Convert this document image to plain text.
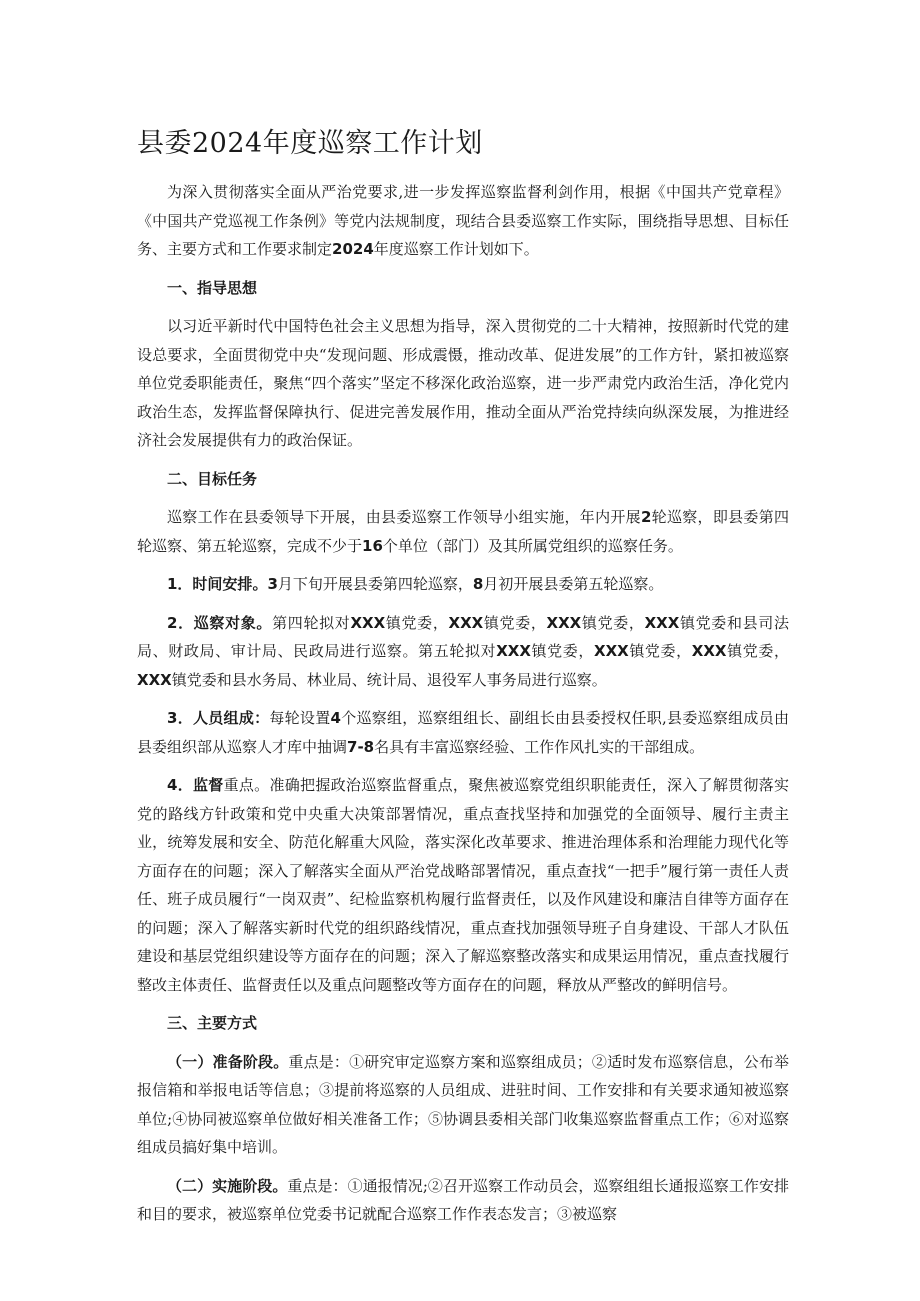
县委2024年度巡察工作计划

为深入贯彻落实全面从严治党要求,进一步发挥巡察监督利剑作用，根据《中国共产党章程》《中国共产党巡视工作条例》等党内法规制度，现结合县委巡察工作实际，围绕指导思想、目标任务、主要方式和工作要求制定2024年度巡察工作计划如下。

一、指导思想

以习近平新时代中国特色社会主义思想为指导，深入贯彻党的二十大精神，按照新时代党的建设总要求，全面贯彻党中央“发现问题、形成震慑，推动改革、促进发展”的工作方针，紧扣被巡察单位党委职能责任，聚焦“四个落实”坚定不移深化政治巡察，进一步严肃党内政治生活，净化党内政治生态，发挥监督保障执行、促进完善发展作用，推动全面从严治党持续向纵深发展，为推进经济社会发展提供有力的政治保证。

二、目标任务

巡察工作在县委领导下开展，由县委巡察工作领导小组实施，年内开展2轮巡察，即县委第四轮巡察、第五轮巡察，完成不少于16个单位（部门）及其所属党组织的巡察任务。

1．时间安排。3月下旬开展县委第四轮巡察，8月初开展县委第五轮巡察。

2．巡察对象。第四轮拟对XXX镇党委，XXX镇党委，XXX镇党委，XXX镇党委和县司法局、财政局、审计局、民政局进行巡察。第五轮拟对XXX镇党委，XXX镇党委，XXX镇党委，XXX镇党委和县水务局、林业局、统计局、退役军人事务局进行巡察。

3．人员组成：每轮设置4个巡察组，巡察组组长、副组长由县委授权任职,县委巡察组成员由县委组织部从巡察人才库中抽调7-8名具有丰富巡察经验、工作作风扎实的干部组成。

4．监督重点。准确把握政治巡察监督重点，聚焦被巡察党组织职能责任，深入了解贯彻落实党的路线方针政策和党中央重大决策部署情况，重点查找坚持和加强党的全面领导、履行主责主业，统筹发展和安全、防范化解重大风险，落实深化改革要求、推进治理体系和治理能力现代化等方面存在的问题；深入了解落实全面从严治党战略部署情况，重点查找“一把手”履行第一责任人责任、班子成员履行“一岗双责”、纪检监察机构履行监督责任，以及作风建设和廉洁自律等方面存在的问题；深入了解落实新时代党的组织路线情况，重点查找加强领导班子自身建设、干部人才队伍建设和基层党组织建设等方面存在的问题；深入了解巡察整改落实和成果运用情况，重点查找履行整改主体责任、监督责任以及重点问题整改等方面存在的问题，释放从严整改的鲜明信号。

三、主要方式

（一）准备阶段。重点是：①研究审定巡察方案和巡察组成员；②适时发布巡察信息，公布举报信箱和举报电话等信息；③提前将巡察的人员组成、进驻时间、工作安排和有关要求通知被巡察单位;④协同被巡察单位做好相关准备工作；⑤协调县委相关部门收集巡察监督重点工作；⑥对巡察组成员搞好集中培训。

（二）实施阶段。重点是：①通报情况;②召开巡察工作动员会，巡察组组长通报巡察工作安排和目的要求，被巡察单位党委书记就配合巡察工作作表态发言；③被巡察
